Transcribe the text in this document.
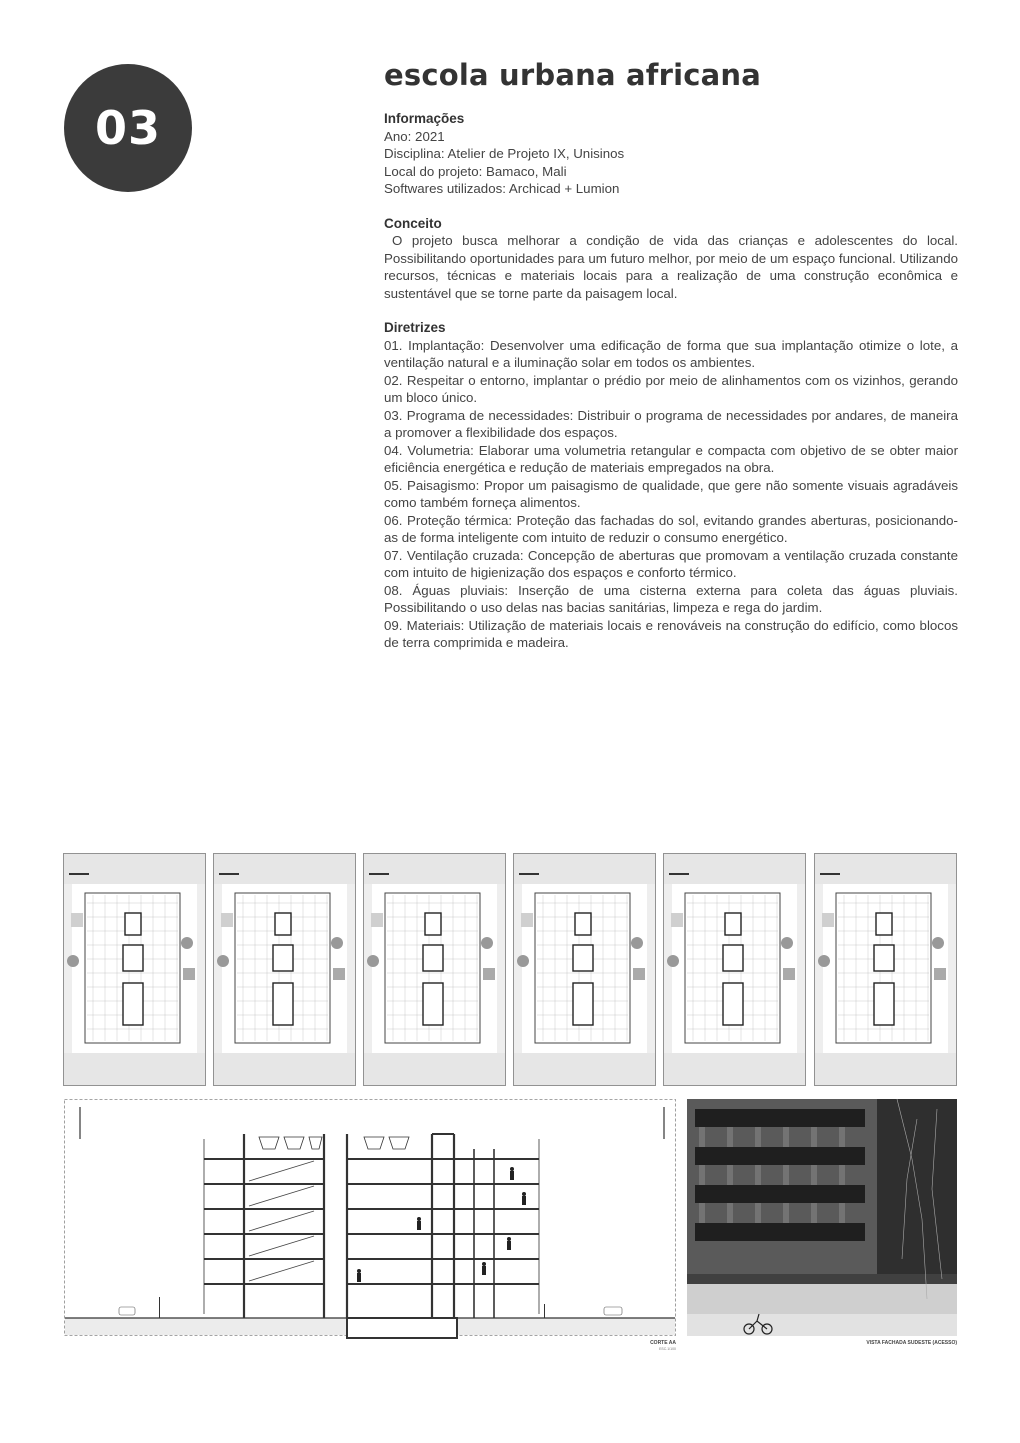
03
escola urbana africana

Informações

Ano: 2021

Disciplina: Atelier de Projeto IX, Unisinos

Local do projeto: Bamaco, Mali

Softwares utilizados: Archicad + Lumion

Conceito

O projeto busca melhorar a condição de vida das crianças e adolescentes do local. Possibilitando oportunidades para um futuro melhor, por meio de um espaço funcional. Utilizando recursos, técnicas e materiais locais para a realização de uma construção econômica e sustentável que se torne parte da paisagem local.

Diretrizes

01. Implantação: Desenvolver uma edificação de forma que sua implantação otimize o lote, a ventilação natural e a iluminação solar em todos os ambientes.

02. Respeitar o entorno, implantar o prédio por meio de alinhamentos com os vizinhos, gerando um bloco único.

03. Programa de necessidades: Distribuir o programa de necessidades por andares, de maneira a promover a flexibilidade dos espaços.

04. Volumetria: Elaborar uma volumetria retangular e compacta com objetivo de se obter maior eficiência energética e redução de materiais empregados na obra.

05. Paisagismo: Propor um paisagismo de qualidade, que gere não somente visuais agradáveis como também forneça alimentos.

06. Proteção térmica: Proteção das fachadas do sol, evitando grandes aberturas, posicionando-as de forma inteligente com intuito de reduzir o consumo energético.

07. Ventilação cruzada: Concepção de aberturas que promovam a ventilação cruzada constante com intuito de higienização dos espaços e conforto térmico.

08. Águas pluviais: Inserção de uma cisterna externa para coleta das águas pluviais. Possibilitando o uso delas nas bacias sanitárias, limpeza e rega do jardim.

09. Materiais: Utilização de materiais locais e renováveis na construção do edifício, como blocos de terra comprimida e madeira.

CORTE AA
ESC.1/100
VISTA FACHADA SUDESTE (ACESSO)
